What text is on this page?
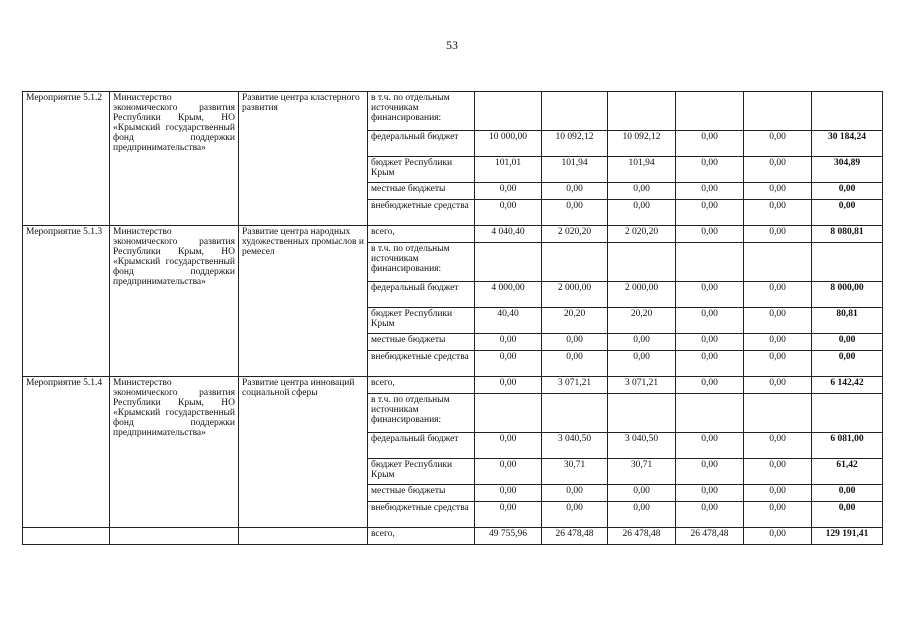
53
Мероприятие 5.1.2	Министерство экономического развития Республики Крым, НО «Крымский государственный фонд поддержки предпринимательства»	Развитие центра кластерного развития	в т.ч. по отдельным источникам финансирования:						
			федеральный бюджет	10 000,00	10 092,12	10 092,12	0,00	0,00	30 184,24
			бюджет Республики Крым	101,01	101,94	101,94	0,00	0,00	304,89
			местные бюджеты	0,00	0,00	0,00	0,00	0,00	0,00
			внебюджетные средства	0,00	0,00	0,00	0,00	0,00	0,00
Мероприятие 5.1.3	Министерство экономического развития Республики Крым, НО «Крымский государственный фонд поддержки предпринимательства»	Развитие центра народных художественных промыслов и ремесел	всего,	4 040,40	2 020,20	2 020,20	0,00	0,00	8 080,81
			в т.ч. по отдельным источникам финансирования:						
			федеральный бюджет	4 000,00	2 000,00	2 000,00	0,00	0,00	8 000,00
			бюджет Республики Крым	40,40	20,20	20,20	0,00	0,00	80,81
			местные бюджеты	0,00	0,00	0,00	0,00	0,00	0,00
			внебюджетные средства	0,00	0,00	0,00	0,00	0,00	0,00
Мероприятие 5.1.4	Министерство экономического развития Республики Крым, НО «Крымский государственный фонд поддержки предпринимательства»	Развитие центра инноваций социальной сферы	всего,	0,00	3 071,21	3 071,21	0,00	0,00	6 142,42
			в т.ч. по отдельным источникам финансирования:						
			федеральный бюджет	0,00	3 040,50	3 040,50	0,00	0,00	6 081,00
			бюджет Республики Крым	0,00	30,71	30,71	0,00	0,00	61,42
			местные бюджеты	0,00	0,00	0,00	0,00	0,00	0,00
			внебюджетные средства	0,00	0,00	0,00	0,00	0,00	0,00
			всего,	49 755,96	26 478,48	26 478,48	26 478,48	0,00	129 191,41
